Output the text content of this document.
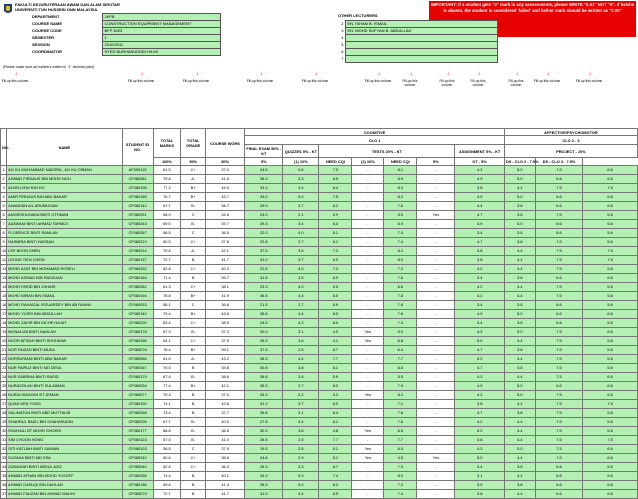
FAKULTI KEJURUTERAAN AWAM DAN ALAM SEKITAR
UNIVERSITI TUN HUSSEIN ONN MALAYSIA
IMPORTANT: If a student gets "0" mark in any assessments, please WRITE "0.01" NOT "0". If he/she is absent, the student is considered 'failed' and he/her mark should be written as "0.00"
DEPARTMENT	JKPB
COURSE NAME	CONSTRUCTION EQUIPMENT MANAGEMENT
COURSE CODE	BFP 4023
SEMESTER	1
SESSION	2010/2011
COORDINATOR	SYED BURHANUDDIN HILMI
OTHER LECTURERS
2	EN. ISHAM B. ISMAIL
3	EN. MOHD SUFYAN B. ABDULLAH
4	
5	
6	
7	
(Please make sure all numbers written in "1" decimal point)
↓
Fill-up this column
↓
Fill-up this column
↓
Fill-up this column
↓
Fill-up this column
↓
Fill-up this column
↓
Fill-up this column
↓
Fill-up this
column
↓
Fill-up this
column
↓
Fill-up this
column
↓
Fill-up this
column
↓
Fill-up this column
↓
Fill-up this column
NO.	NAME	STUDENT ID NO.	TOTAL MARKS	TOTAL GRADE	COURSE WORK	COGNITIVE							AFFECTIVE/PSYCHOMOTOR		
						CLO 1							CLO 2 - 3		
						FINAL EXAM 50% - KT	QUIZZES 5% - KT	TESTS 20% - KT				ASSIGNMENT 5% - KT	PROJECT - 20%		
			100%	50%	50%	5%	(1) 10%	NEED CQI	(2) 10%	NEED CQI	5%	KT - 5%	DS - CLO 2 - 7.5%	DS - CLO 3 - 7.5%	
1	AG KU MUHAMMAD NADZRIL, AG KU OSMAN	AF090115	61.5	C+	37.0	24.5	0.6	7.5	-	8.1	-	4.3	5.0	7.5	6.6
2	AHMAD FIRDAUS BIN MOHD NOH	CF080281	79.8	A-	41.6	38.3	3.3	6.5	-	8.9	-	4.9	5.0	6.6	6.6
3	ALVIN LIEW KIM HO	CF080106	77.2	B+	44.0	33.3	4.4	8.4	-	8.3	-	3.8	4.4	7.5	7.5
4	AMIR FIRDAUS BIN ABU BAKAR	CF080155	76.7	B+	43.7	33.0	5.0	7.5	-	8.2	-	4.9	5.0	6.6	6.6
5	ANANDAN A/L ARUMUGAM	CF080142	67.7	B-	38.7	29.0	3.7	6.2	-	7.6	-	4.4	3.8	6.6	6.6
6	ANGRISHUHADA BINTI OTHMAN	CF080251	58.9	C	34.6	24.0	2.1	5.9	-	5.0	Yes	4.7	3.8	7.5	5.6
7	AZAWANI BINTI AHMAD TARMIZI	CF080243	69.0	B-	39.7	29.3	3.4	6.4	-	6.9	-	4.9	5.0	6.6	6.6
8	FLORENCE BINTI RAMLAN	CF080267	58.5	C	36.5	22.0	4.0	6.1	-	7.0	-	3.4	3.8	6.6	5.6
9	HASMIRA BINTI HASSAN	CF080219	60.5	C+	37.8	22.8	2.7	6.1	-	7.4	-	4.7	3.8	7.5	5.6
10	LEE BOON SHEN	CF080214	70.6	A-	42.1	37.5	3.5	7.3	-	8.2	-	3.8	4.4	7.5	7.5
11	LEONG TIEN CHEW	CF080137	72.7	B	41.7	31.0	3.7	6.9	-	8.0	-	3.8	4.4	7.5	7.5
12	MOHD AZAT BIN MOHAMAD ROSELI	CF080232	62.8	C+	40.3	22.5	4.0	7.3	-	7.2	-	4.2	4.4	7.5	5.6
13	MOHD ASWAD BIN RADZUAN	CF080164	71.4	B	39.7	31.8	3.5	6.9	-	7.8	-	3.4	3.8	6.6	6.6
14	MOHD FARID BIN JOHARI	CF080282	61.3	C+	38.1	23.3	4.0	5.5	-	6.6	-	4.2	4.4	7.5	5.6
15	MOHD IMRAN BIN ISMAIL	CF080194	78.8	B+	41.9	36.5	4.4	8.0	-	7.8	-	4.2	4.4	7.5	5.6
16	MOHD RAHAIZAL IRZUARDEY BIN AB RAHIM	CF080033	58.1	C	36.6	21.5	2.7	6.9	-	7.6	-	3.4	3.8	6.6	5.6
17	MOHD YUSRI BIN ABDULLAH	CF080140	79.4	B+	43.6	35.8	4.4	8.5	-	7.6	-	4.9	5.0	6.6	6.6
18	MOHD ZAKIR BIN INCHE HAJAT	CF080200	63.4	C+	38.9	24.5	4.2	8.0	-	7.3	-	3.4	3.8	6.6	5.6
19	MONALIZA BINTI DAHLAN	CF080178	67.3	B-	37.3	30.0	3.1	4.9	Yes	5.0	-	4.3	5.0	7.5	6.6
20	NOOR AFIZAH BINTI SHOHAIMI	CF080196	64.1	C+	37.9	26.3	3.6	4.1	Yes	6.8	-	5.0	4.4	7.5	5.6
21	NOR FAIZAH BINTI MUSA	CF080076	76.4	B+	39.1	37.3	2.5	8.7	-	6.4	-	4.7	3.8	7.5	5.6
22	NORSURIANI BINTI ABU BAKAR	CF080066	81.5	A-	43.2	38.3	4.4	7.7	-	7.7	-	5.0	4.4	7.5	6.6
23	NUR FAIRUZ BINTI MD DESA	CF080167	70.5	B	39.8	30.8	3.8	8.1	-	6.5	-	4.7	3.8	7.5	5.6
24	NUR SABRINA BINTI RASID	CF080179	67.4	B-	38.6	28.8	3.8	5.9	-	5.5	-	4.3	4.4	7.5	6.6
25	NURAZZILAH BINTI SULAIMAN	CF080034	77.4	B+	42.1	35.3	2.7	8.3	-	7.9	-	4.9	5.0	6.6	6.6
26	NURULHIDAYAH BT JEMAN	CF080077	70.3	B	37.0	33.3	2.2	3.3	Yes	8.2	-	4.3	5.0	7.5	6.6
27	QUAH KEN YONG	CF080100	74.1	B	42.8	31.3	3.7	8.9	-	7.1	-	3.8	4.4	7.5	7.5
28	SALIMATUN BINTI ABD MUTTALIB	CF080268	73.4	B	37.7	35.8	2.1	6.4	-	7.6	-	4.7	3.8	7.5	5.6
29	SHAHRUL BAZLI BIN SHAHARUDIN	CF080205	67.7	B-	40.0	27.8	4.4	6.1	-	7.8	-	4.2	4.4	7.5	5.6
30	SHUHAILI BT MOHD SHOKRI	CF080177	68.8	B-	36.5	30.3	3.8	4.8	Yes	6.5	-	5.0	4.4	7.5	6.6
31	SIM CHOON HONG	CF080123	67.5	B-	41.0	26.5	2.5	7.7	-	7.7	-	3.8	4.4	7.5	7.5
32	SITI KATIJAH BINTI SAIMAN	CF080103	56.5	C	37.9	19.5	2.5	5.1	Yes	6.0	-	4.3	5.0	7.5	6.6
33	SUZANA BINTI MD ESA	CF080240	60.6	C+	35.6	24.8	2.9	5.1	Yes	4.5	Yes	5.0	4.4	7.5	6.6
34	ZUBAIDAH BINTI ABDUL AZIZ	CF080040	62.6	C+	36.3	26.3	3.3	6.7	-	7.0	-	3.4	3.8	6.6	5.6
35	AHMAD AFNAN BIN MOHD YUSOFF	CF080256	74.4	B	40.1	34.3	5.0	7.4	-	8.0	-	3.1	4.4	6.6	5.6
36	AHMAD DASUQI BIN DAHLAN	CF080136	69.6	B	41.4	28.3	5.0	8.3	-	7.2	-	3.9	3.8	6.6	6.6
37	AHMAD FAUZAN BIN AHMAD MALIKI	CF080079	72.7	B	41.7	31.0	4.4	8.5	-	7.4	-	3.8	4.4	6.6	6.6
